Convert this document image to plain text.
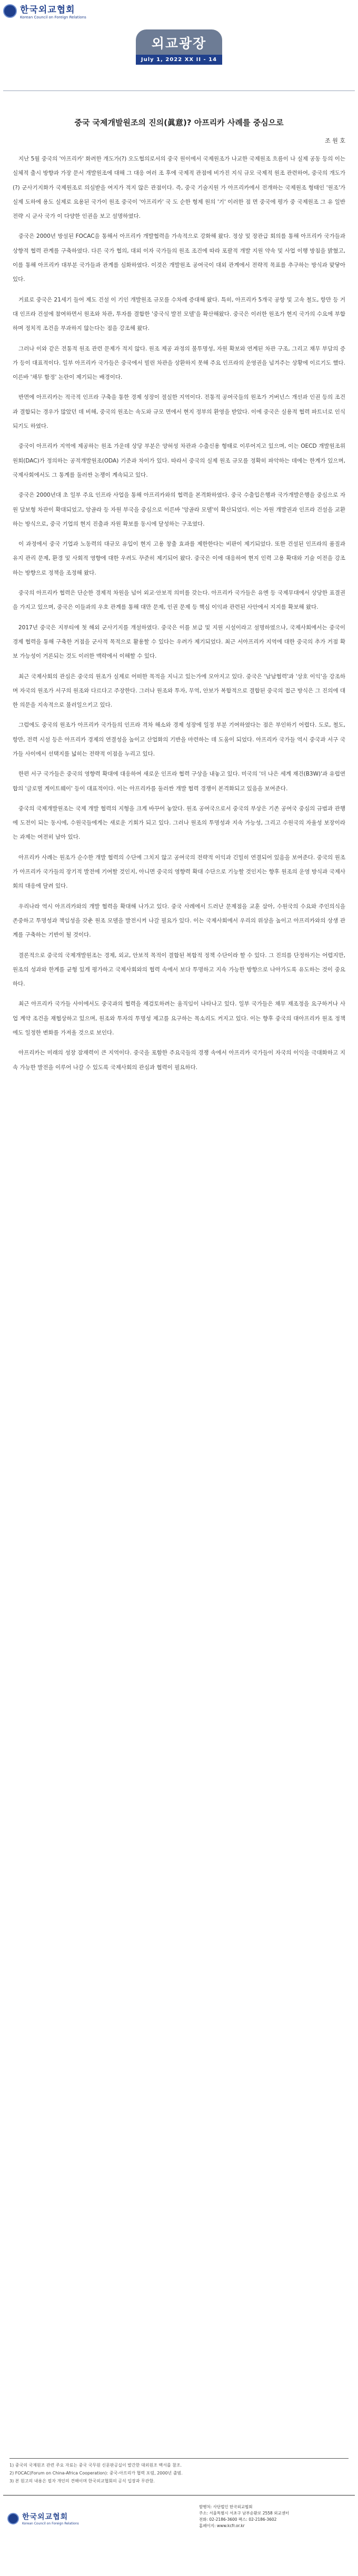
한국외교협회
Korean Council on Foreign Relations
외교광장
July 1, 2022 XX II - 14
중국 국제개발원조의 진의(眞意)? 아프리카 사례를 중심으로
조 원 호

지난 5월 중국의 '아프리카' 화려한 개도가(?) 오도협의로서의 중국 원이에서 국제원조가 나교한 국제원조 흐름이 나 실제 공동 등의 이는 실체적 출시 방향과 가장 문서 개발원조에 대해 그 대응 여러 조 후에 국제적 관점에 비가진 지식 규모 국제적 원조 관련하여, 중국의 개도가(?) 군사기지화가 국제원조로 의심받을 여지가 적지 않은 관점이다. 즉, 중국 기술지원 가 아프리카에서 전개하는 국제원조 형태인 '원조'가 실제 도하에 용도 실제로 요용된 국가이 원조 중국이 '아프리카' 국 도 순한 형제 원의 '기' 이러한 점 면 중국에 평가 중 국제원조 그 유 일반 전략 시 군사 국가 이 다양한 인권을 보고 설명하였다.

중국은 2000년 방설된 FOCAC을 통해서 아프리카 개발협력을 가속적으로 강화해 왔다. 정상 및 장관급 회의를 통해 아프리카 국가들과 상향적 협력 관계를 구축하였다. 다른 국가 협의, 대외 이자 국가들의 원조 조건에 따라 포괄적 개발 지원 약속 및 사업 이행 방침을 밝혔고, 이를 통해 아프리카 대부분 국가들과 관계를 심화하였다. 이것은 개발원조 공여국이 대외 관계에서 전략적 목표를 추구하는 방식과 맞닿아 있다.

거료로 중국은 21세기 들어 제도 건설 이 기인 개발원조 규모를 수차례 증대해 왔다. 특히, 아프리카 5개국 공항 및 고속 철도, 항만 등 거대 인프라 건설에 참여하면서 원조와 차관, 투자를 결합한 '중국식 발전 모델'을 확산해왔다. 중국은 이러한 원조가 현지 국가의 수요에 부합하며 정치적 조건을 부과하지 않는다는 점을 강조해 왔다.

그러나 이와 같은 전통적 원조 관련 문제가 적지 않다. 원조 제공 과정의 불투명성, 자원 확보와 연계된 차관 구조, 그리고 채무 부담의 증가 등이 대표적이다. 일부 아프리카 국가들은 중국에서 빌린 차관을 상환하지 못해 주요 인프라의 운영권을 넘겨주는 상황에 이르기도 했다. 이른바 '채무 함정' 논란이 제기되는 배경이다.

반면에 아프리카는 적극적 인프라 구축을 통한 경제 성장이 절실한 지역이다. 전통적 공여국들의 원조가 거버넌스 개선과 인권 등의 조건과 결합되는 경우가 많았던 데 비해, 중국의 원조는 속도와 규모 면에서 현지 정부의 환영을 받았다. 이에 중국은 실용적 협력 파트너로 인식되기도 하였다.

중국이 아프리카 지역에 제공하는 원조 가운데 상당 부분은 양허성 차관과 수출신용 형태로 이루어지고 있으며, 이는 OECD 개발원조위원회(DAC)가 정의하는 공적개발원조(ODA) 기준과 차이가 있다. 따라서 중국의 실제 원조 규모를 정확히 파악하는 데에는 한계가 있으며, 국제사회에서도 그 통계를 둘러싼 논쟁이 계속되고 있다.

중국은 2000년대 초 일부 주요 인프라 사업을 통해 아프리카와의 협력을 본격화하였다. 중국 수출입은행과 국가개발은행을 중심으로 자원 담보형 차관이 확대되었고, 앙골라 등 자원 부국을 중심으로 이른바 '앙골라 모델'이 확산되었다. 이는 자원 개발권과 인프라 건설을 교환하는 방식으로, 중국 기업의 현지 진출과 자원 확보를 동시에 달성하는 구조였다.

이 과정에서 중국 기업과 노동력의 대규모 유입이 현지 고용 창출 효과를 제한한다는 비판이 제기되었다. 또한 건설된 인프라의 품질과 유지 관리 문제, 환경 및 사회적 영향에 대한 우려도 꾸준히 제기되어 왔다. 중국은 이에 대응하여 현지 인력 고용 확대와 기술 이전을 강조하는 방향으로 정책을 조정해 왔다.

중국의 아프리카 협력은 단순한 경제적 차원을 넘어 외교·안보적 의미를 갖는다. 아프리카 국가들은 유엔 등 국제무대에서 상당한 표결권을 가지고 있으며, 중국은 이들과의 우호 관계를 통해 대만 문제, 인권 문제 등 핵심 이익과 관련된 사안에서 지지를 확보해 왔다.

2017년 중국은 지부티에 첫 해외 군사기지를 개설하였다. 중국은 이를 보급 및 지원 시설이라고 설명하였으나, 국제사회에서는 중국이 경제 협력을 통해 구축한 거점을 군사적 목적으로 활용할 수 있다는 우려가 제기되었다. 최근 서아프리카 지역에 대한 중국의 추가 거점 확보 가능성이 거론되는 것도 이러한 맥락에서 이해할 수 있다.

최근 국제사회의 관심은 중국의 원조가 실제로 어떠한 목적을 지니고 있는가에 모아지고 있다. 중국은 '남남협력'과 '상호 이익'을 강조하며 자국의 원조가 서구의 원조와 다르다고 주장한다. 그러나 원조와 투자, 무역, 안보가 복합적으로 결합된 중국의 접근 방식은 그 진의에 대한 의문을 지속적으로 불러일으키고 있다.

그럼에도 중국의 원조가 아프리카 국가들의 인프라 격차 해소와 경제 성장에 일정 부분 기여하였다는 점은 부인하기 어렵다. 도로, 철도, 항만, 전력 시설 등은 아프리카 경제의 연결성을 높이고 산업화의 기반을 마련하는 데 도움이 되었다. 아프리카 국가들 역시 중국과 서구 국가들 사이에서 선택지를 넓히는 전략적 이점을 누리고 있다.

한편 서구 국가들은 중국의 영향력 확대에 대응하여 새로운 인프라 협력 구상을 내놓고 있다. 미국의 '더 나은 세계 재건(B3W)'과 유럽연합의 '글로벌 게이트웨이' 등이 대표적이다. 이는 아프리카를 둘러싼 개발 협력 경쟁이 본격화되고 있음을 보여준다.

중국의 국제개발원조는 국제 개발 협력의 지형을 크게 바꾸어 놓았다. 원조 공여국으로서 중국의 부상은 기존 공여국 중심의 규범과 관행에 도전이 되는 동시에, 수원국들에게는 새로운 기회가 되고 있다. 그러나 원조의 투명성과 지속 가능성, 그리고 수원국의 자율성 보장이라는 과제는 여전히 남아 있다.

아프리카 사례는 원조가 순수한 개발 협력의 수단에 그치지 않고 공여국의 전략적 이익과 긴밀히 연결되어 있음을 보여준다. 중국의 원조가 아프리카 국가들의 장기적 발전에 기여할 것인지, 아니면 중국의 영향력 확대 수단으로 기능할 것인지는 향후 원조의 운영 방식과 국제사회의 대응에 달려 있다.

우리나라 역시 아프리카와의 개발 협력을 확대해 나가고 있다. 중국 사례에서 드러난 문제점을 교훈 삼아, 수원국의 수요와 주인의식을 존중하고 투명성과 책임성을 갖춘 원조 모델을 발전시켜 나갈 필요가 있다. 이는 국제사회에서 우리의 위상을 높이고 아프리카와의 상생 관계를 구축하는 기반이 될 것이다.

결론적으로 중국의 국제개발원조는 경제, 외교, 안보적 목적이 결합된 복합적 정책 수단이라 할 수 있다. 그 진의를 단정하기는 어렵지만, 원조의 성과와 한계를 균형 있게 평가하고 국제사회와의 협력 속에서 보다 투명하고 지속 가능한 방향으로 나아가도록 유도하는 것이 중요하다.

최근 아프리카 국가들 사이에서도 중국과의 협력을 재검토하려는 움직임이 나타나고 있다. 일부 국가들은 채무 재조정을 요구하거나 사업 계약 조건을 재협상하고 있으며, 원조와 투자의 투명성 제고를 요구하는 목소리도 커지고 있다. 이는 향후 중국의 대아프리카 원조 정책에도 일정한 변화를 가져올 것으로 보인다.

아프리카는 미래의 성장 잠재력이 큰 지역이다. 중국을 포함한 주요국들의 경쟁 속에서 아프리카 국가들이 자국의 이익을 극대화하고 지속 가능한 발전을 이루어 나갈 수 있도록 국제사회의 관심과 협력이 필요하다.

1) 중국의 국제원조 관련 주요 자료는 중국 국무원 신문판공실이 발간한 대외원조 백서를 참조.

2) FOCAC(Forum on China-Africa Cooperation): 중국-아프리카 협력 포럼, 2000년 출범.

3) 본 원고의 내용은 필자 개인의 견해이며 한국외교협회의 공식 입장과 무관함.

한국외교협회
Korean Council on Foreign Relations

발행처: 사단법인 한국외교협회

주소: 서울특별시 서초구 남부순환로 2558 외교센터

전화: 02-2186-3600 팩스: 02-2186-3602

홈페이지: www.kcfr.or.kr
